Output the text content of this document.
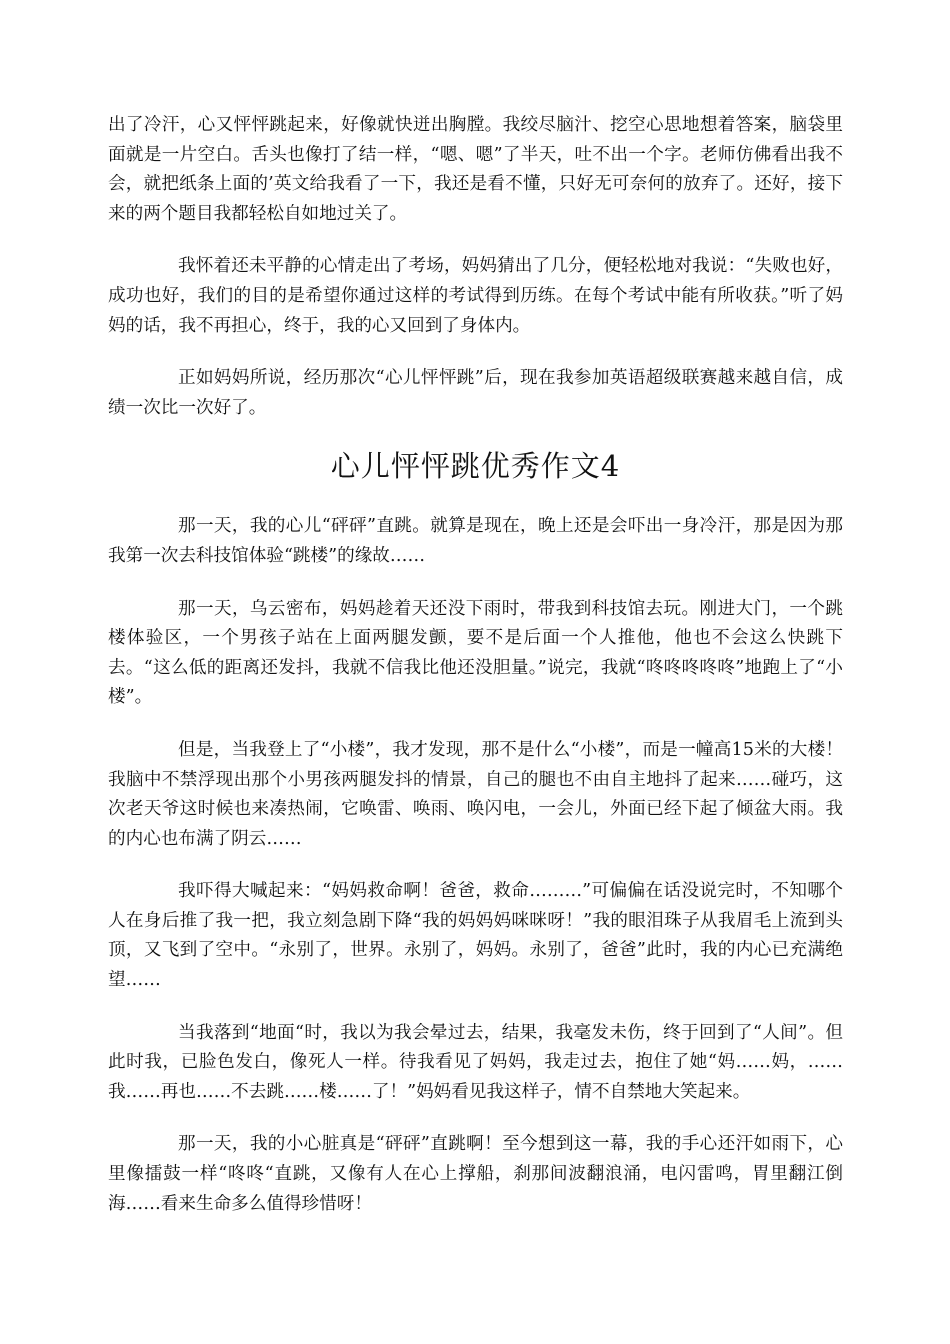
出了冷汗，心又怦怦跳起来，好像就快迸出胸膛。我绞尽脑汁、挖空心思地想着答案，脑袋里面就是一片空白。舌头也像打了结一样，“嗯、嗯”了半天，吐不出一个字。老师仿佛看出我不会，就把纸条上面的’英文给我看了一下，我还是看不懂，只好无可奈何的放弃了。还好，接下来的两个题目我都轻松自如地过关了。

我怀着还未平静的心情走出了考场，妈妈猜出了几分，便轻松地对我说：“失败也好，成功也好，我们的目的是希望你通过这样的考试得到历练。在每个考试中能有所收获。”听了妈妈的话，我不再担心，终于，我的心又回到了身体内。

正如妈妈所说，经历那次“心儿怦怦跳”后，现在我参加英语超级联赛越来越自信，成绩一次比一次好了。

心儿怦怦跳优秀作文4

那一天，我的心儿“砰砰”直跳。就算是现在，晚上还是会吓出一身冷汗，那是因为那我第一次去科技馆体验“跳楼”的缘故……

那一天，乌云密布，妈妈趁着天还没下雨时，带我到科技馆去玩。刚进大门，一个跳楼体验区，一个男孩子站在上面两腿发颤，要不是后面一个人推他，他也不会这么快跳下去。“这么低的距离还发抖，我就不信我比他还没胆量。”说完，我就“咚咚咚咚咚”地跑上了“小楼”。

但是，当我登上了“小楼”，我才发现，那不是什么“小楼”，而是一幢高15米的大楼！我脑中不禁浮现出那个小男孩两腿发抖的情景，自己的腿也不由自主地抖了起来……碰巧，这次老天爷这时候也来凑热闹，它唤雷、唤雨、唤闪电，一会儿，外面已经下起了倾盆大雨。我的内心也布满了阴云……

我吓得大喊起来：“妈妈救命啊！爸爸，救命………”可偏偏在话没说完时，不知哪个人在身后推了我一把，我立刻急剧下降“我的妈妈妈咪咪呀！”我的眼泪珠子从我眉毛上流到头顶，又飞到了空中。“永别了，世界。永别了，妈妈。永别了，爸爸”此时，我的内心已充满绝望……

当我落到“地面“时，我以为我会晕过去，结果，我毫发未伤，终于回到了“人间”。但此时我，已脸色发白，像死人一样。待我看见了妈妈，我走过去，抱住了她“妈……妈，……我……再也……不去跳……楼……了！”妈妈看见我这样子，情不自禁地大笑起来。

那一天，我的小心脏真是“砰砰”直跳啊！至今想到这一幕，我的手心还汗如雨下，心里像擂鼓一样“咚咚“直跳，又像有人在心上撑船，刹那间波翻浪涌，电闪雷鸣，胃里翻江倒海……看来生命多么值得珍惜呀！
